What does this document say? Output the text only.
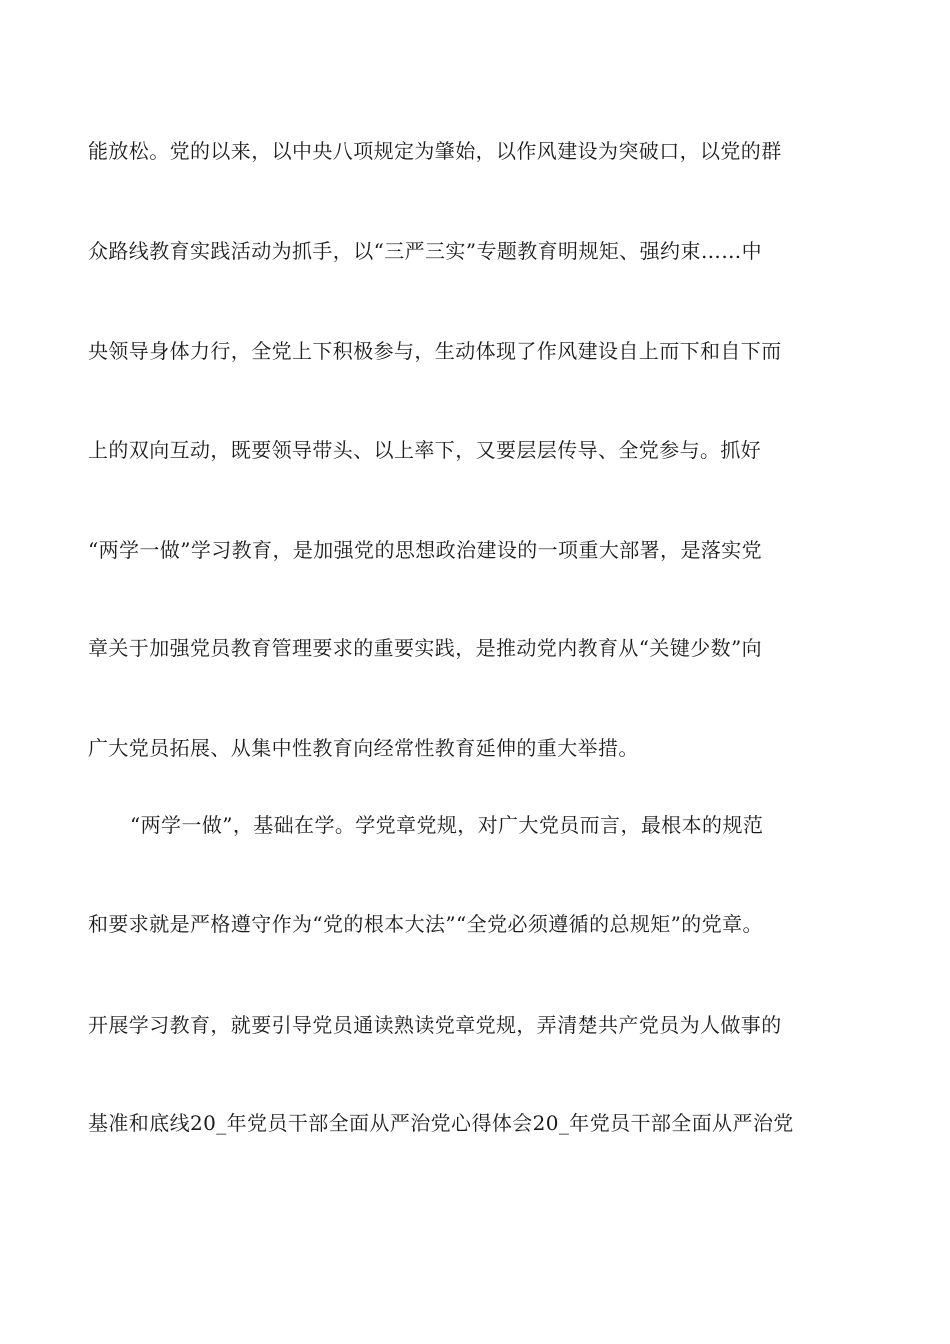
能放松。党的以来，以中央八项规定为肇始，以作风建设为突破口，以党的群
众路线教育实践活动为抓手，以“三严三实”专题教育明规矩、强约束……中
央领导身体力行，全党上下积极参与，生动体现了作风建设自上而下和自下而
上的双向互动，既要领导带头、以上率下，又要层层传导、全党参与。抓好
“两学一做”学习教育，是加强党的思想政治建设的一项重大部署，是落实党
章关于加强党员教育管理要求的重要实践，是推动党内教育从“关键少数”向
广大党员拓展、从集中性教育向经常性教育延伸的重大举措。
“两学一做”，基础在学。学党章党规，对广大党员而言，最根本的规范
和要求就是严格遵守作为“党的根本大法”“全党必须遵循的总规矩”的党章。
开展学习教育，就要引导党员通读熟读党章党规，弄清楚共产党员为人做事的
基准和底线20_年党员干部全面从严治党心得体会20_年党员干部全面从严治党
